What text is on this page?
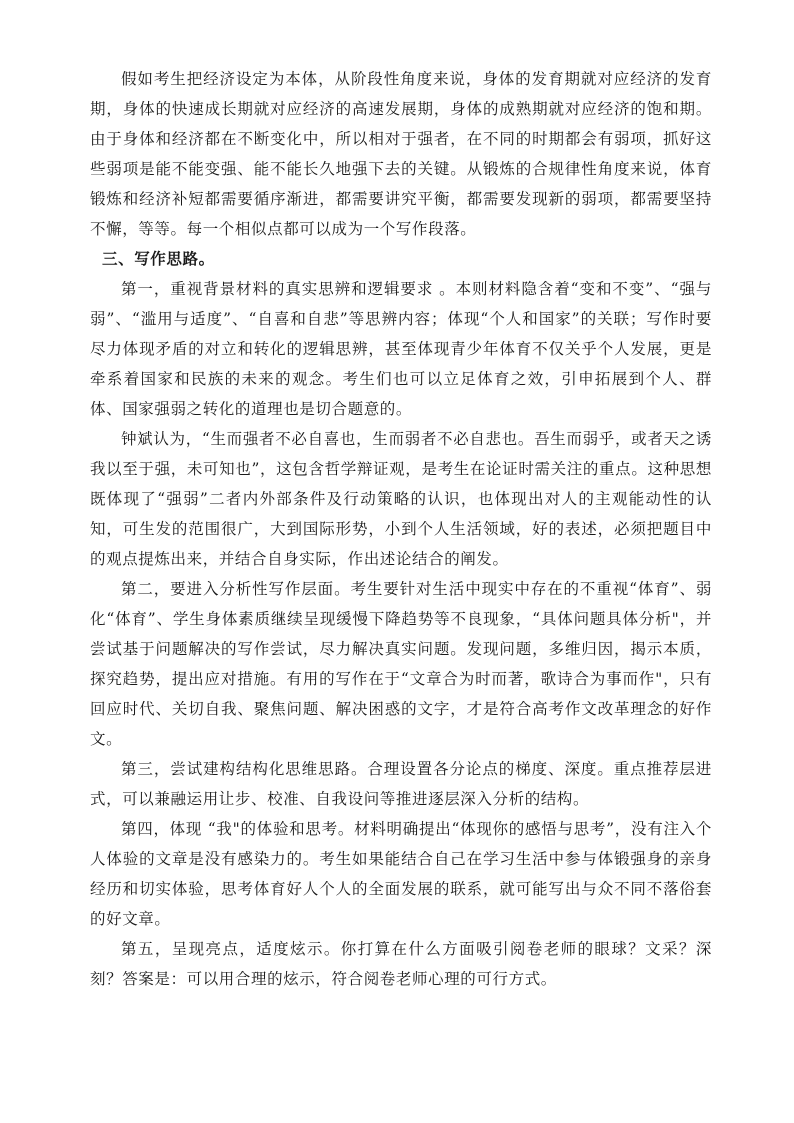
假如考生把经济设定为本体，从阶段性角度来说，身体的发育期就对应经济的发育期，身体的快速成长期就对应经济的高速发展期，身体的成熟期就对应经济的饱和期。由于身体和经济都在不断变化中，所以相对于强者，在不同的时期都会有弱项，抓好这些弱项是能不能变强、能不能长久地强下去的关键。从锻炼的合规律性角度来说，体育锻炼和经济补短都需要循序渐进，都需要讲究平衡，都需要发现新的弱项，都需要坚持不懈，等等。每一个相似点都可以成为一个写作段落。

三、写作思路。

第一，重视背景材料的真实思辨和逻辑要求 。本则材料隐含着“变和不变”、“强与弱”、“滥用与适度”、“自喜和自悲”等思辨内容；体现“个人和国家”的关联；写作时要尽力体现矛盾的对立和转化的逻辑思辨，甚至体现青少年体育不仅关乎个人发展，更是牵系着国家和民族的未来的观念。考生们也可以立足体育之效，引申拓展到个人、群体、国家强弱之转化的道理也是切合题意的。

钟斌认为，“生而强者不必自喜也，生而弱者不必自悲也。吾生而弱乎，或者天之诱我以至于强，未可知也”，这包含哲学辩证观，是考生在论证时需关注的重点。这种思想既体现了“强弱”二者内外部条件及行动策略的认识，也体现出对人的主观能动性的认知，可生发的范围很广，大到国际形势，小到个人生活领域，好的表述，必须把题目中的观点提炼出来，并结合自身实际，作出述论结合的阐发。

第二，要进入分析性写作层面。考生要针对生活中现实中存在的不重视“体育”、弱化“体育”、学生身体素质继续呈现缓慢下降趋势等不良现象，“具体问题具体分析"，并尝试基于问题解决的写作尝试，尽力解决真实问题。发现问题，多维归因，揭示本质，探究趋势，提出应对措施。有用的写作在于“文章合为时而著，歌诗合为事而作"，只有回应时代、关切自我、聚焦问题、解决困惑的文字，才是符合高考作文改革理念的好作文。

第三，尝试建构结构化思维思路。合理设置各分论点的梯度、深度。重点推荐层进式，可以兼融运用让步、校准、自我设问等推进逐层深入分析的结构。

第四，体现 “我"的体验和思考。材料明确提出“体现你的感悟与思考”，没有注入个人体验的文章是没有感染力的。考生如果能结合自己在学习生活中参与体锻强身的亲身经历和切实体验，思考体育好人个人的全面发展的联系，就可能写出与众不同不落俗套的好文章。

第五，呈现亮点，适度炫示。你打算在什么方面吸引阅卷老师的眼球？文采？深刻？答案是：可以用合理的炫示，符合阅卷老师心理的可行方式。
